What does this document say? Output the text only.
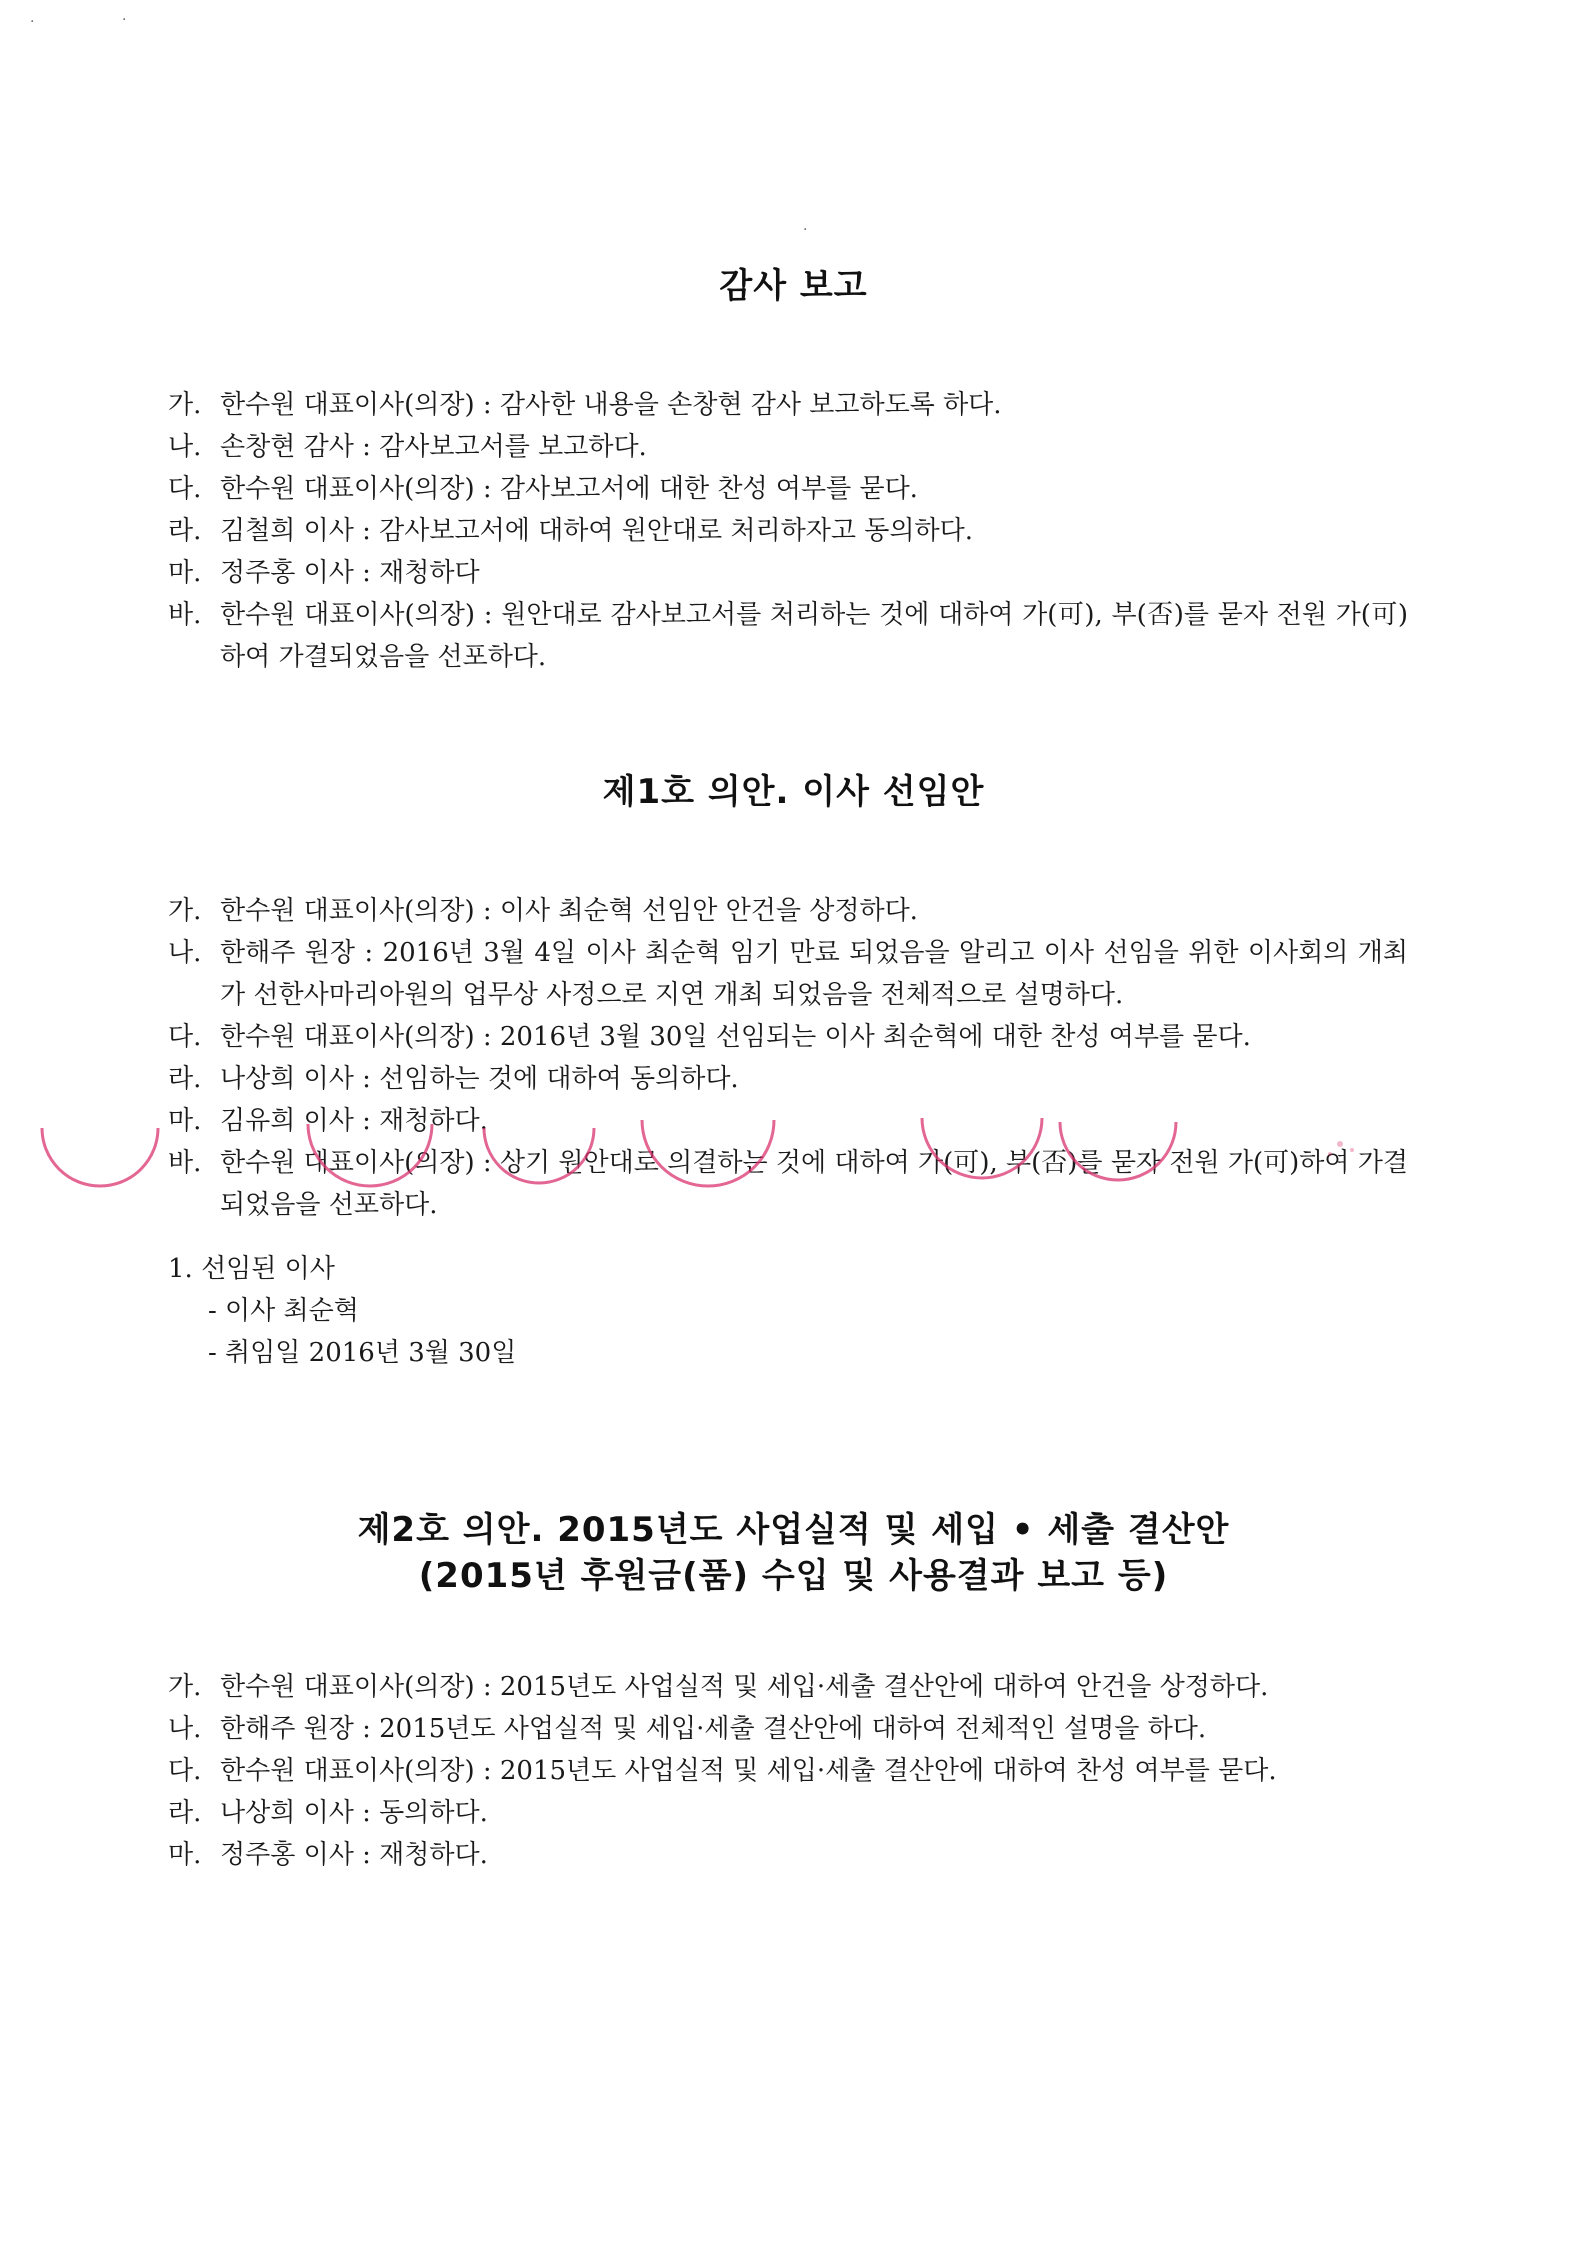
·	·
·
감사 보고
가. 한수원 대표이사(의장) : 감사한 내용을 손창현 감사 보고하도록 하다.
나. 손창현 감사 : 감사보고서를 보고하다.
다. 한수원 대표이사(의장) : 감사보고서에 대한 찬성 여부를 묻다.
라. 김철희 이사 : 감사보고서에 대하여 원안대로 처리하자고 동의하다.
마. 정주홍 이사 : 재청하다
바. 한수원 대표이사(의장) : 원안대로 감사보고서를 처리하는 것에 대하여 가(可), 부(否)를 묻자 전원 가(可)하여 가결되었음을 선포하다.
제1호 의안. 이사 선임안
가. 한수원 대표이사(의장) : 이사 최순혁 선임안 안건을 상정하다.
나. 한해주 원장 : 2016년 3월 4일 이사 최순혁 임기 만료 되었음을 알리고 이사 선임을 위한 이사회의 개최가 선한사마리아원의 업무상 사정으로 지연 개최 되었음을 전체적으로 설명하다.
다. 한수원 대표이사(의장) : 2016년 3월 30일 선임되는 이사 최순혁에 대한 찬성 여부를 묻다.
라. 나상희 이사 : 선임하는 것에 대하여 동의하다.
마. 김유희 이사 : 재청하다.
바. 한수원 대표이사(의장) : 상기 원안대로 의결하는 것에 대하여 가(可), 부(否)를 묻자 전원 가(可)하여 가결되었음을 선포하다.
1. 선임된 이사
- 이사 최순혁
- 취임일 2016년 3월 30일
제2호 의안. 2015년도 사업실적 및 세입 • 세출 결산안
(2015년 후원금(품) 수입 및 사용결과 보고 등)
가. 한수원 대표이사(의장) : 2015년도 사업실적 및 세입·세출 결산안에 대하여 안건을 상정하다.
나. 한해주 원장 : 2015년도 사업실적 및 세입·세출 결산안에 대하여 전체적인 설명을 하다.
다. 한수원 대표이사(의장) : 2015년도 사업실적 및 세입·세출 결산안에 대하여 찬성 여부를 묻다.
라. 나상희 이사 : 동의하다.
마. 정주홍 이사 : 재청하다.
